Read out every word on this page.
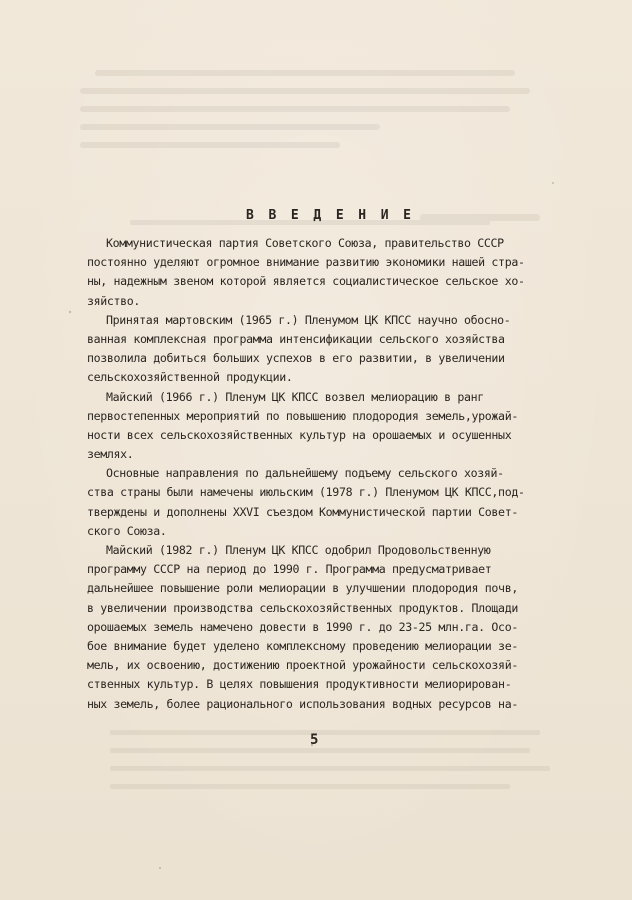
В В Е Д Е Н И Е
Коммунистическая партия Советского Союза, правительство СССР
постоянно уделяют огромное внимание развитию экономики нашей стра-
ны, надежным звеном которой является социалистическое сельское хо-
зяйство.
Принятая мартовским (1965 г.) Пленумом ЦК КПСС научно обосно-
ванная комплексная программа интенсификации сельского хозяйства
позволила добиться больших успехов в его развитии, в увеличении
сельскохозяйственной продукции.
Майский (1966 г.) Пленум ЦК КПСС возвел мелиорацию в ранг
первостепенных мероприятий по повышению плодородия земель,урожай-
ности всех сельскохозяйственных культур на орошаемых и осушенных
землях.
Основные направления по дальнейшему подъему сельского хозяй-
ства страны были намечены июльским (1978 г.) Пленумом ЦК КПСС,под-
тверждены и дополнены XXVI съездом Коммунистической партии Совет-
ского Союза.
Майский (1982 г.) Пленум ЦК КПСС одобрил Продовольственную
программу СССР на период до 1990 г. Программа предусматривает
дальнейшее повышение роли мелиорации в улучшении плодородия почв,
в увеличении производства сельскохозяйственных продуктов. Площади
орошаемых земель намечено довести в 1990 г. до 23-25 млн.га. Осо-
бое внимание будет уделено комплексному проведению мелиорации зе-
мель, их освоению, достижению проектной урожайности сельскохозяй-
ственных культур. В целях повышения продуктивности мелиорирован-
ных земель, более рационального использования водных ресурсов на-
5
